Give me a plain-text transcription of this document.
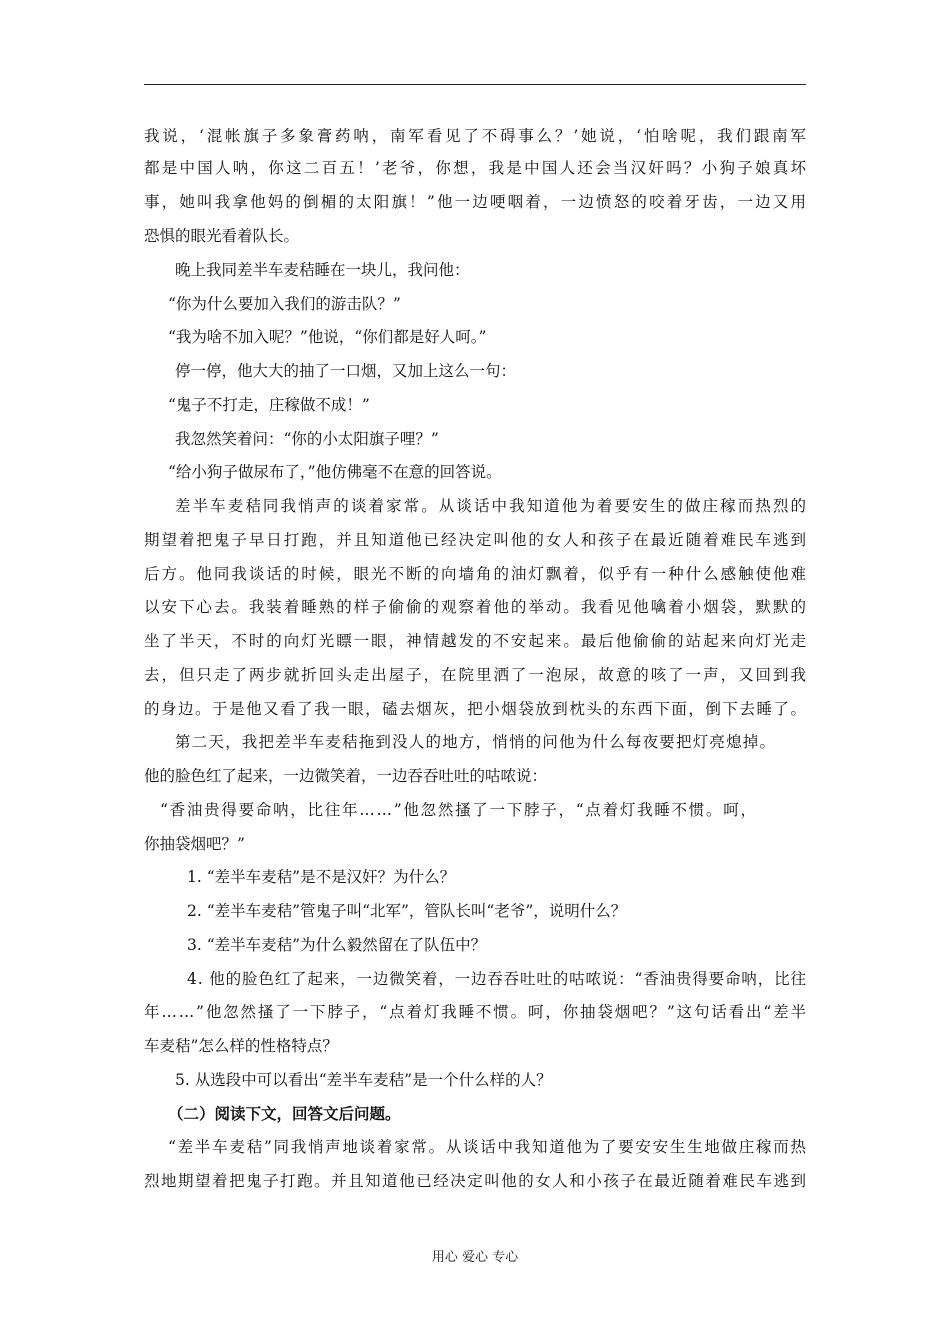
我说，‘混帐旗子多象膏药呐，南军看见了不碍事么？’她说，‘怕啥呢，我们跟南军
都是中国人呐，你这二百五！’老爷，你想，我是中国人还会当汉奸吗？小狗子娘真坏
事，她叫我拿他妈的倒楣的太阳旗！”他一边哽咽着，一边愤怒的咬着牙齿，一边又用
恐惧的眼光看着队长。
晚上我同差半车麦秸睡在一块儿，我问他：
“你为什么要加入我们的游击队？”
“我为啥不加入呢？”他说，“你们都是好人呵。”
停一停，他大大的抽了一口烟，又加上这么一句：
“鬼子不打走，庄稼做不成！”
我忽然笑着问：“你的小太阳旗子哩？”
“给小狗子做尿布了，”他仿佛毫不在意的回答说。
差半车麦秸同我悄声的谈着家常。从谈话中我知道他为着要安生的做庄稼而热烈的
期望着把鬼子早日打跑，并且知道他已经决定叫他的女人和孩子在最近随着难民车逃到
后方。他同我谈话的时候，眼光不断的向墙角的油灯飘着，似乎有一种什么感触使他难
以安下心去。我装着睡熟的样子偷偷的观察着他的举动。我看见他噙着小烟袋，默默的
坐了半天，不时的向灯光瞟一眼，神情越发的不安起来。最后他偷偷的站起来向灯光走
去，但只走了两步就折回头走出屋子，在院里洒了一泡尿，故意的咳了一声，又回到我
的身边。于是他又看了我一眼，磕去烟灰，把小烟袋放到枕头的东西下面，倒下去睡了。
第二天，我把差半车麦秸拖到没人的地方，悄悄的问他为什么每夜要把灯亮熄掉。
他的脸色红了起来，一边微笑着，一边吞吞吐吐的咕哝说：
“香油贵得要命呐，比往年……”他忽然搔了一下脖子，“点着灯我睡不惯。呵，
你抽袋烟吧？”
1. “差半车麦秸”是不是汉奸？为什么？
2. “差半车麦秸”管鬼子叫“北军”，管队长叫“老爷”，说明什么？
3. “差半车麦秸”为什么毅然留在了队伍中？
4. 他的脸色红了起来，一边微笑着，一边吞吞吐吐的咕哝说：“香油贵得要命呐，比往
年……”他忽然搔了一下脖子，“点着灯我睡不惯。呵，你抽袋烟吧？”这句话看出“差半
车麦秸”怎么样的性格特点？
5. 从选段中可以看出“差半车麦秸”是一个什么样的人？
（二）阅读下文，回答文后问题。
“差半车麦秸”同我悄声地谈着家常。从谈话中我知道他为了要安安生生地做庄稼而热
烈地期望着把鬼子打跑。并且知道他已经决定叫他的女人和小孩子在最近随着难民车逃到
用心 爱心 专心
